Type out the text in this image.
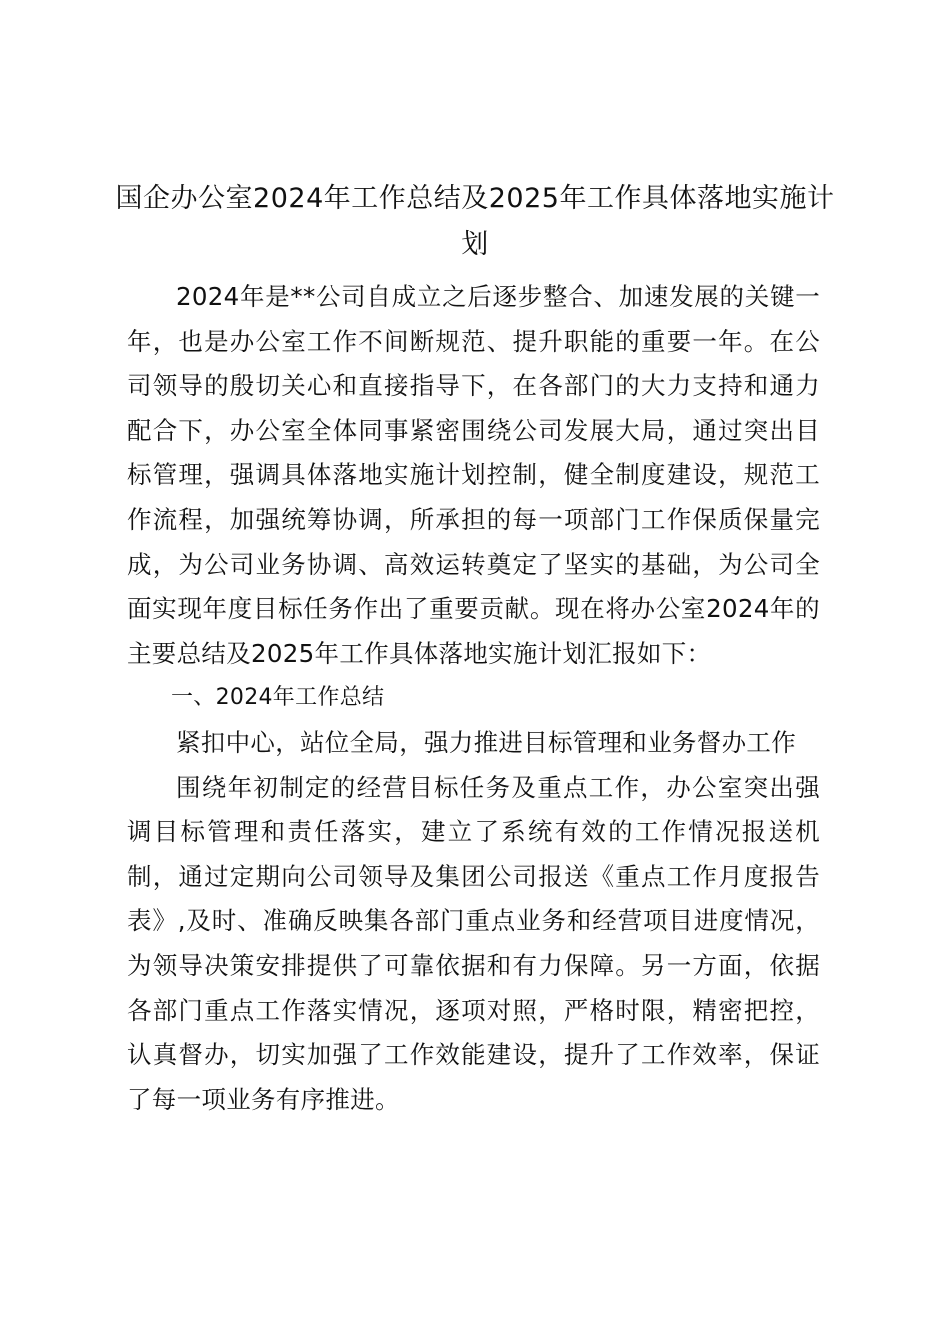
国企办公室2024年工作总结及2025年工作具体落地实施计划

2024年是**公司自成立之后逐步整合、加速发展的关键一年，也是办公室工作不间断规范、提升职能的重要一年。在公司领导的殷切关心和直接指导下，在各部门的大力支持和通力配合下，办公室全体同事紧密围绕公司发展大局，通过突出目标管理，强调具体落地实施计划控制，健全制度建设，规范工作流程，加强统筹协调，所承担的每一项部门工作保质保量完成，为公司业务协调、高效运转奠定了坚实的基础，为公司全面实现年度目标任务作出了重要贡献。现在将办公室2024年的主要总结及2025年工作具体落地实施计划汇报如下：

一、2024年工作总结

紧扣中心，站位全局，强力推进目标管理和业务督办工作

围绕年初制定的经营目标任务及重点工作，办公室突出强调目标管理和责任落实，建立了系统有效的工作情况报送机制，通过定期向公司领导及集团公司报送《重点工作月度报告表》,及时、准确反映集各部门重点业务和经营项目进度情况，为领导决策安排提供了可靠依据和有力保障。另一方面，依据各部门重点工作落实情况，逐项对照，严格时限，精密把控，认真督办，切实加强了工作效能建设，提升了工作效率，保证了每一项业务有序推进。
